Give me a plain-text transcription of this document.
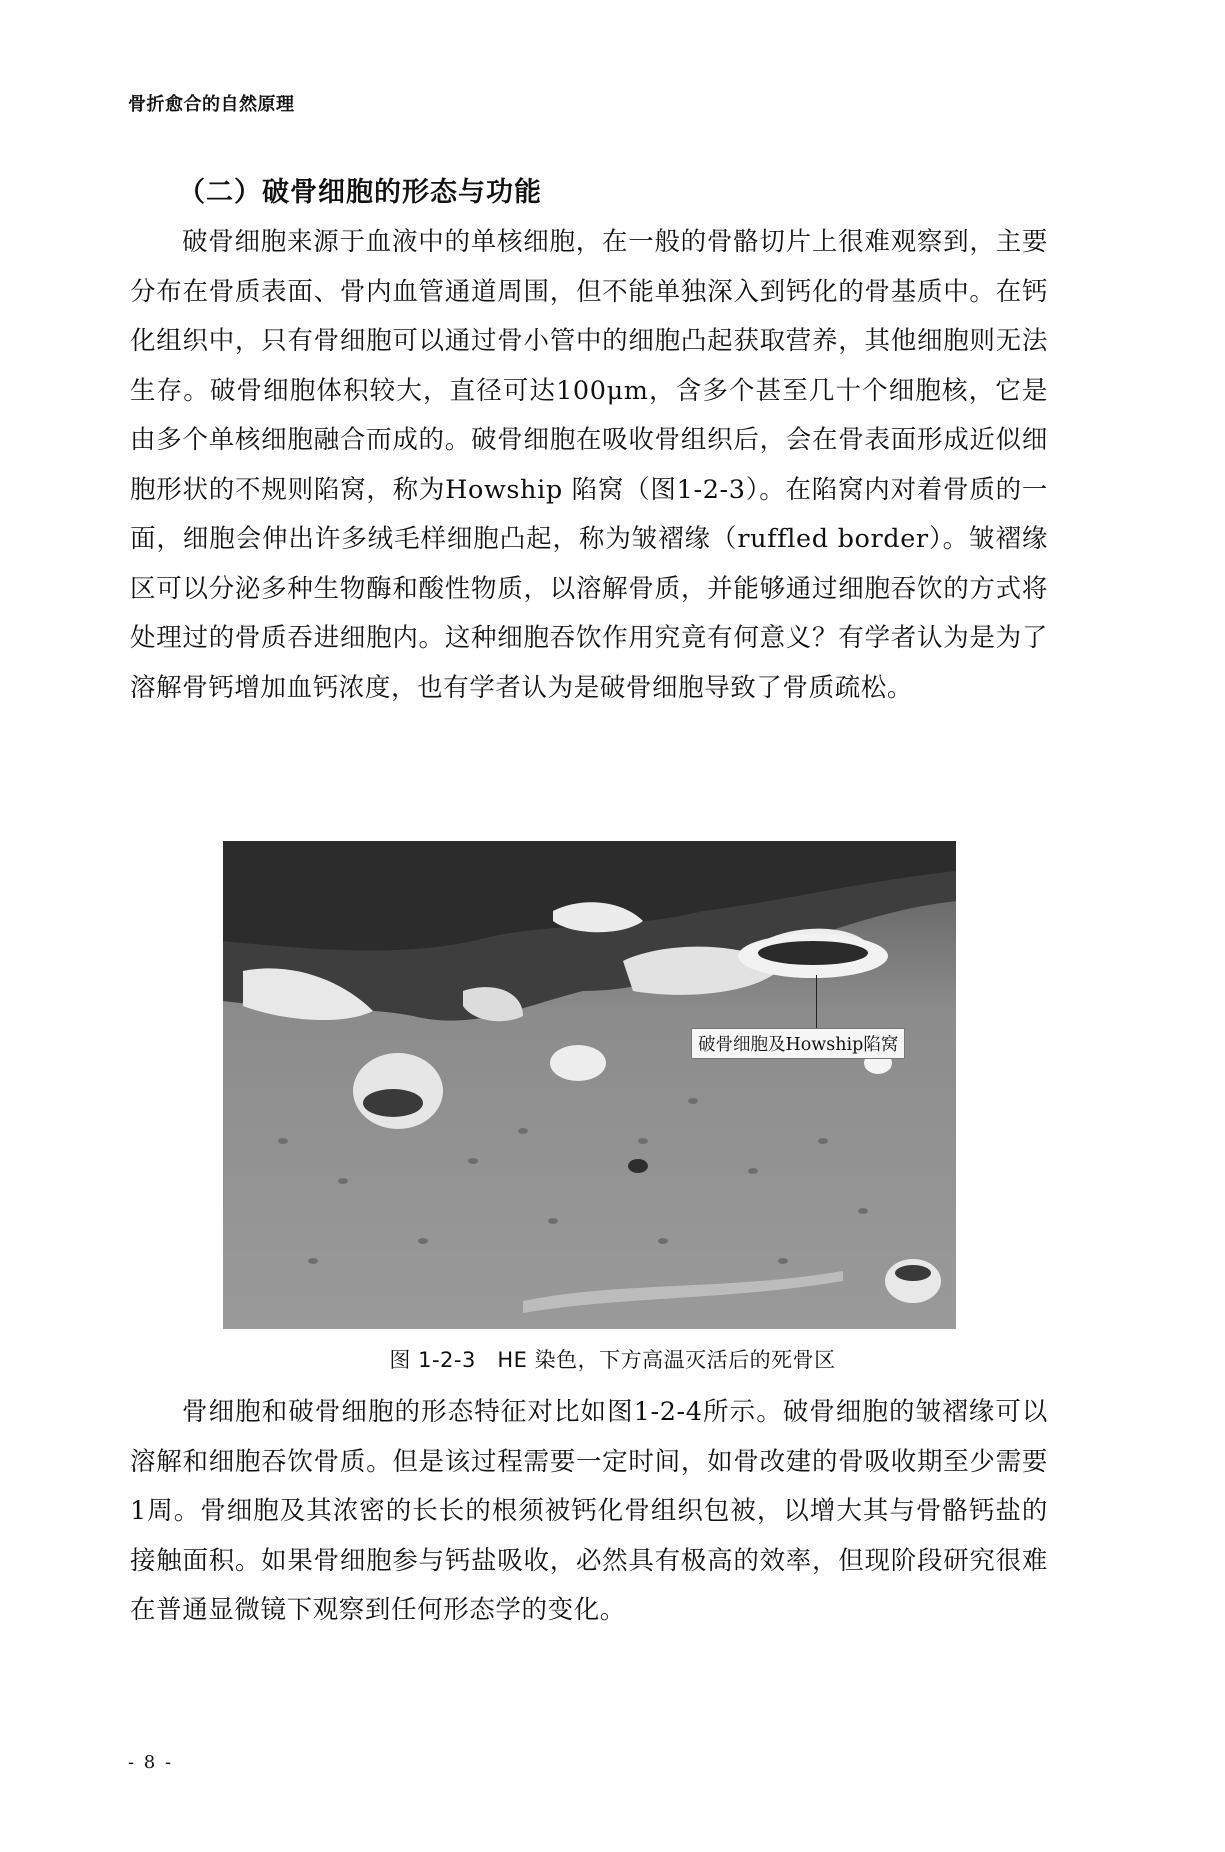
骨折愈合的自然原理
（二）破骨细胞的形态与功能

破骨细胞来源于血液中的单核细胞，在一般的骨骼切片上很难观察到，主要分布在骨质表面、骨内血管通道周围，但不能单独深入到钙化的骨基质中。在钙化组织中，只有骨细胞可以通过骨小管中的细胞凸起获取营养，其他细胞则无法生存。破骨细胞体积较大，直径可达100μm，含多个甚至几十个细胞核，它是由多个单核细胞融合而成的。破骨细胞在吸收骨组织后，会在骨表面形成近似细胞形状的不规则陷窝，称为Howship 陷窝（图1-2-3）。在陷窝内对着骨质的一面，细胞会伸出许多绒毛样细胞凸起，称为皱褶缘（ruffled border）。皱褶缘区可以分泌多种生物酶和酸性物质，以溶解骨质，并能够通过细胞吞饮的方式将处理过的骨质吞进细胞内。这种细胞吞饮作用究竟有何意义？有学者认为是为了溶解骨钙增加血钙浓度，也有学者认为是破骨细胞导致了骨质疏松。

破骨细胞及Howship陷窝
图 1-2-3　HE 染色，下方高温灭活后的死骨区

骨细胞和破骨细胞的形态特征对比如图1-2-4所示。破骨细胞的皱褶缘可以溶解和细胞吞饮骨质。但是该过程需要一定时间，如骨改建的骨吸收期至少需要1周。骨细胞及其浓密的长长的根须被钙化骨组织包被，以增大其与骨骼钙盐的接触面积。如果骨细胞参与钙盐吸收，必然具有极高的效率，但现阶段研究很难在普通显微镜下观察到任何形态学的变化。

- 8 -
